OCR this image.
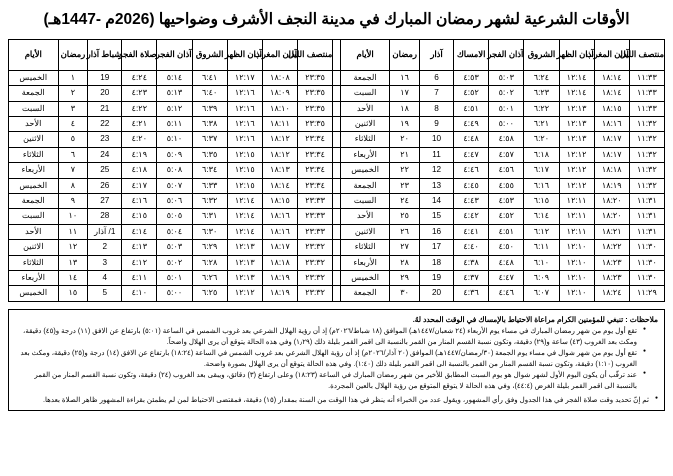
الأوقات الشرعية لشهر رمضان المبارك في مدينة النجف الأشرف وضواحيها (2026م -1447هـ)
منتصف الليل	آذان المغرب	آذان الظهر	الشروق	آذان الفجر	الامساك	آذار	رمضان	الأيام		منتصف الليل	آذان المغرب	آذان الظهر	الشروق	آذان الفجر	صلاة الفجر	شباط آذار	رمضان	الأيام
١١:٣٣	١٨:١٤	١٢:١٤	٦:٢٤	٥:٠٣	٤:٥٣	6	١٦	الجمعة		٢٣:٣٥	١٨:٠٨	١٢:١٧	٦:٤١	٥:١٤	٤:٢٤	19	١	الخميس
١١:٣٣	١٨:١٤	١٢:١٤	٦:٢٣	٥:٠٢	٤:٥٢	7	١٧	السبت		٢٣:٣٥	١٨:٠٩	١٢:١٦	٦:٤٠	٥:١٣	٤:٢٣	20	٢	الجمعة
١١:٣٣	١٨:١٥	١٢:١٣	٦:٢٢	٥:٠١	٤:٥١	8	١٨	الأحد		٢٣:٣٥	١٨:١٠	١٢:١٦	٦:٣٩	٥:١٢	٤:٢٢	21	٣	السبت
١١:٣٢	١٨:١٦	١٢:١٣	٦:٢١	٥:٠٠	٤:٤٩	9	١٩	الاثنين		٢٣:٣٥	١٨:١١	١٢:١٦	٦:٣٨	٥:١١	٤:٢١	22	٤	الأحد
١١:٣٢	١٨:١٧	١٢:١٣	٦:٢٠	٤:٥٨	٤:٤٨	10	٢٠	الثلاثاء		٢٣:٣٤	١٨:١٢	١٢:١٦	٦:٣٧	٥:١٠	٤:٢٠	23	٥	الاثنين
١١:٣٢	١٨:١٧	١٢:١٢	٦:١٨	٤:٥٧	٤:٤٧	11	٢١	الأربعاء		٢٣:٣٤	١٨:١٢	١٢:١٥	٦:٣٥	٥:٠٩	٤:١٩	24	٦	الثلاثاء
١١:٣٢	١٨:١٨	١٢:١٢	٦:١٧	٤:٥٦	٤:٤٦	12	٢٢	الخميس		٢٣:٣٤	١٨:١٣	١٢:١٥	٦:٣٤	٥:٠٨	٤:١٨	25	٧	الأربعاء
١١:٣٢	١٨:١٩	١٢:١٢	٦:١٦	٤:٥٥	٤:٤٥	13	٢٣	الجمعة		٢٣:٣٤	١٨:١٤	١٢:١٥	٦:٣٣	٥:٠٧	٤:١٧	26	٨	الخميس
١١:٣١	١٨:٢٠	١٢:١١	٦:١٥	٤:٥٣	٤:٤٣	14	٢٤	السبت		٢٣:٣٣	١٨:١٥	١٢:١٤	٦:٣٢	٥:٠٦	٤:١٦	27	٩	الجمعة
١١:٣١	١٨:٢٠	١٢:١١	٦:١٤	٤:٥٢	٤:٤٢	15	٢٥	الأحد		٢٣:٣٣	١٨:١٦	١٢:١٤	٦:٣١	٥:٠٥	٤:١٥	28	١٠	السبت
١١:٣١	١٨:٢١	١٢:١١	٦:١٢	٤:٥١	٤:٤١	16	٢٦	الاثنين		٢٣:٣٣	١٨:١٦	١٢:١٤	٦:٣٠	٥:٠٤	٤:١٤	1/ آذار	١١	الأحد
١١:٣٠	١٨:٢٢	١٢:١٠	٦:١١	٤:٥٠	٤:٤٠	17	٢٧	الثلاثاء		٢٣:٣٢	١٨:١٧	١٢:١٣	٦:٢٩	٥:٠٣	٤:١٣	2	١٢	الاثنين
١١:٣٠	١٨:٢٣	١٢:١٠	٦:١٠	٤:٤٨	٤:٣٨	18	٢٨	الأربعاء		٢٣:٣٢	١٨:١٨	١٢:١٣	٦:٢٨	٥:٠٢	٤:١٢	3	١٣	الثلاثاء
١١:٣٠	١٨:٢٣	١٢:١٠	٦:٠٩	٤:٤٧	٤:٣٧	19	٢٩	الخميس		٢٣:٣٢	١٨:١٩	١٢:١٣	٦:٢٦	٥:٠١	٤:١١	4	١٤	الأربعاء
١١:٢٩	١٨:٢٤	١٢:١٠	٦:٠٧	٤:٤٦	٤:٣٦	20	٣٠	الجمعة		٢٣:٣٢	١٨:١٩	١٢:١٢	٦:٢٥	٥:٠٠	٤:١٠	5	١٥	الخميس
ملاحظات : تنبغي للمؤمنين الكرام مراعاة الاحتياط بالإمساك في الوقت المحدد لهُ.
● تقع أول يوم من شهر رمضان المبارك في مساء يوم الأربعاء (٢٤ شعبان/١٤٤٧هـ) الموافق (١٨ شباط/٢٠٢٦م) إذ أن رؤية الهلال الشرعي بعد غروب الشمس في الساعة (٥:٠١) بارتفاع عن الافق (١١) درجة و(٤٥) دقيقة، ومكث بعد الغروب (٤٣) ساعة و(٢٩) دقيقة، وتكون نسبة القسم المنار من القمر بالنسبة الى اقمر القمر بليلة ذلك (١٫٢٩) وفي هذه الحالة يتوقع أن يرى الهلال واضحاً.
● تقع أول يوم من شهر شوال في مساء يوم الجمعة (٣٠/رمضان/١٤٤٧هـ) الموافق (٢٠ آذار/٢٠٢٦م) إذ أن رؤية الهلال الشرعي بعد غروب الشمس في الساعة (١٨:٢٤) بارتفاع عن الافق (١٤) درجة و(٢٥) دقيقة، ومكث بعد الغروب (١:١٠) دقيقة، وتكون نسبة القسم المنار من القمر بالنسبة الى اقمر القمر بليلة ذلك (١:٤٠). وفي هذه الحالة يتوقع أن يرى الهلال بصورة واضحة.
● عند ترقّب أن يكون اليوم الأول لشهر شوال هو يوم السبت المطابق للأخير من شهر رمضان المبارك في الساعة (١٨:٢٣) وعلى ارتفاع (٣) دقائق، ويبقى بعد الغروب (٢٤) دقيقة، وتكون نسبة القسم المنار من القمر بالنسبة الى اقمر القمر بليلة الغرض (٤٤:٤)، وفي هذه الحالة لا يتوقع المتوقع من رؤية الهلال بالعين المجردة.
● ثم إنّ تحديد وقت صلاة الفجر في هذا الجدول وفق رأي المشهور، ويقول عدد من الخبراء أنه ينظر في هذا الوقت من السنة بمقدار (١٥) دقيقة، فمقتضى الاحتياط لمن لم يطمئن بقراءة المشهور ظاهر الصلاة بعدها.
